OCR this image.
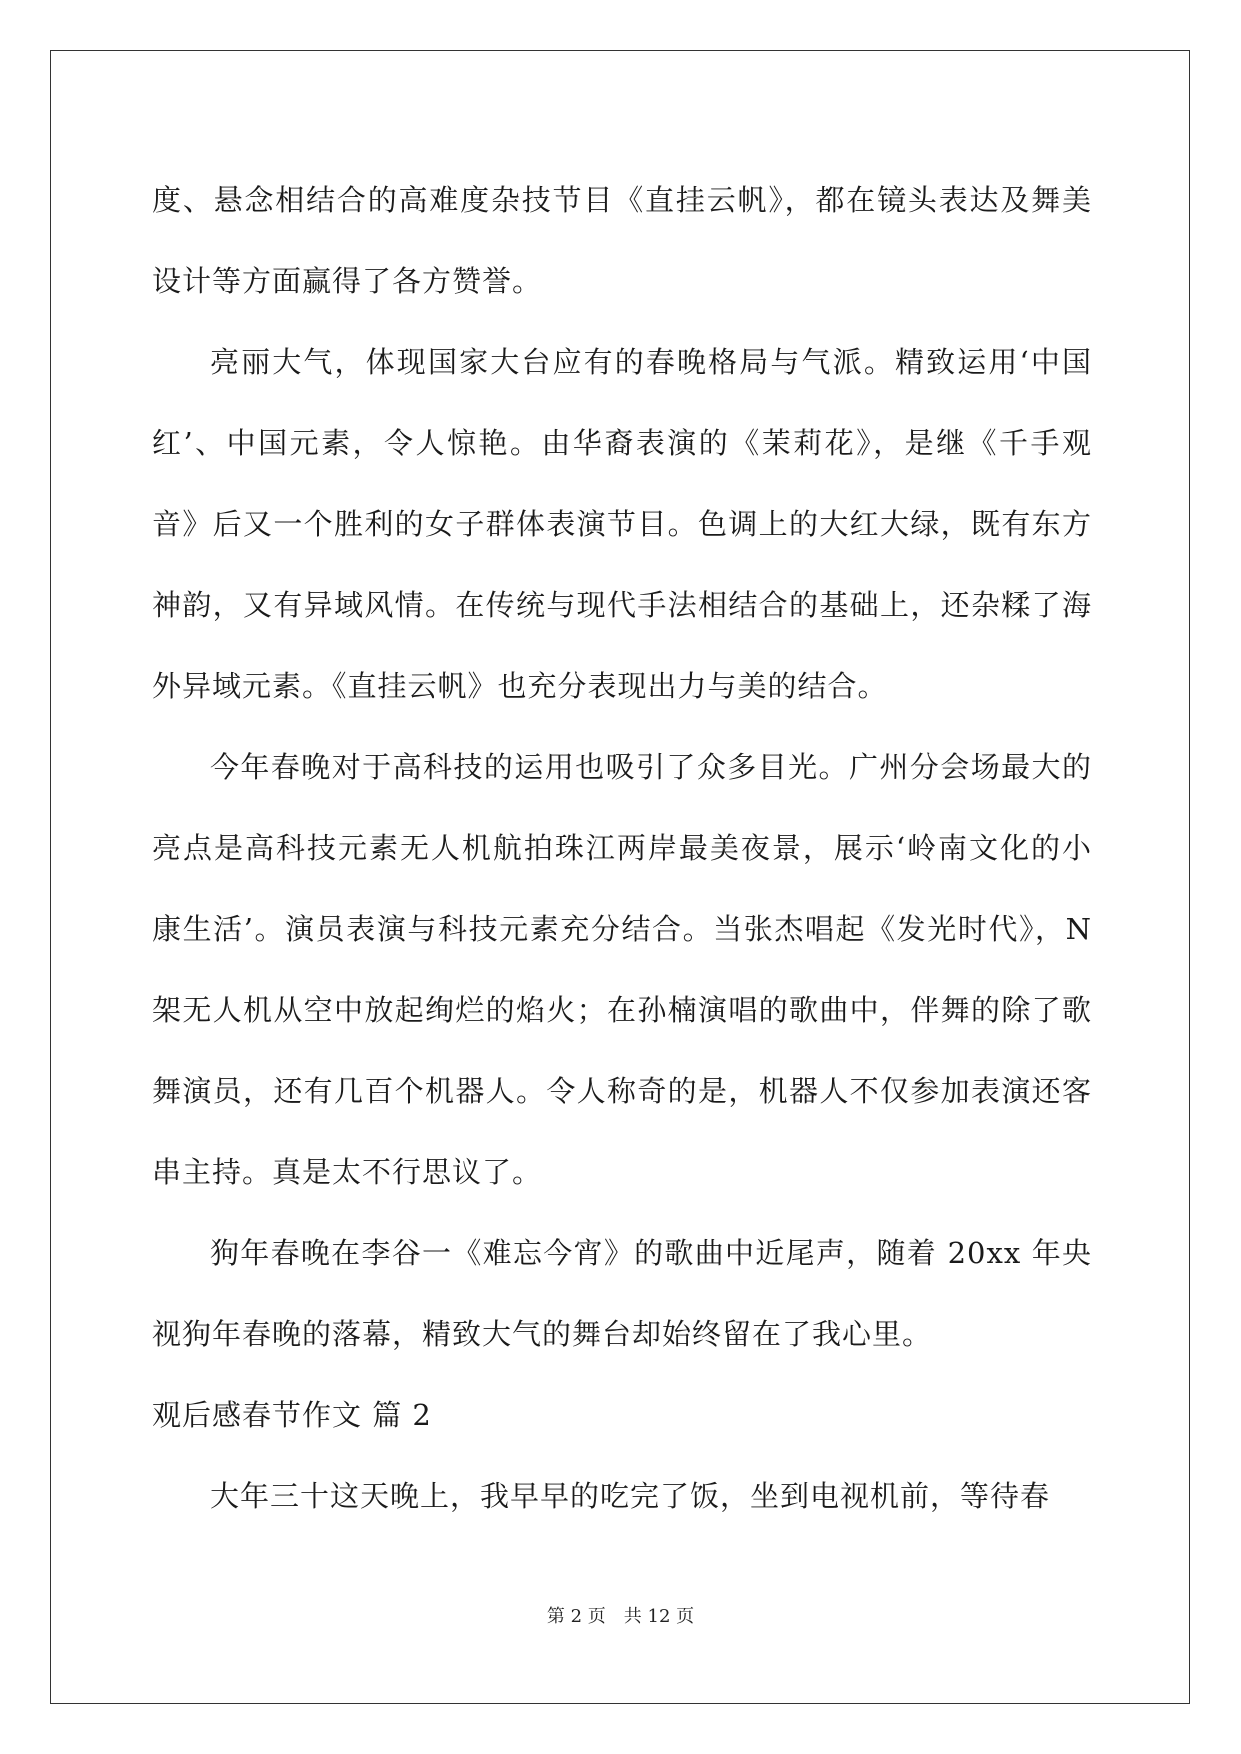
度、悬念相结合的高难度杂技节目《直挂云帆》，都在镜头表达及舞美设计等方面赢得了各方赞誉。

亮丽大气，体现国家大台应有的春晚格局与气派。精致运用‘中国红’、中国元素，令人惊艳。由华裔表演的《茉莉花》，是继《千手观音》后又一个胜利的女子群体表演节目。色调上的大红大绿，既有东方神韵，又有异域风情。在传统与现代手法相结合的基础上，还杂糅了海外异域元素。《直挂云帆》也充分表现出力与美的结合。

今年春晚对于高科技的运用也吸引了众多目光。广州分会场最大的亮点是高科技元素无人机航拍珠江两岸最美夜景，展示‘岭南文化的小康生活’。演员表演与科技元素充分结合。当张杰唱起《发光时代》，N 架无人机从空中放起绚烂的焰火；在孙楠演唱的歌曲中，伴舞的除了歌舞演员，还有几百个机器人。令人称奇的是，机器人不仅参加表演还客串主持。真是太不行思议了。

狗年春晚在李谷一《难忘今宵》的歌曲中近尾声，随着 20xx 年央视狗年春晚的落幕，精致大气的舞台却始终留在了我心里。

观后感春节作文 篇 2

大年三十这天晚上，我早早的吃完了饭，坐到电视机前，等待春

第 2 页　共 12 页
